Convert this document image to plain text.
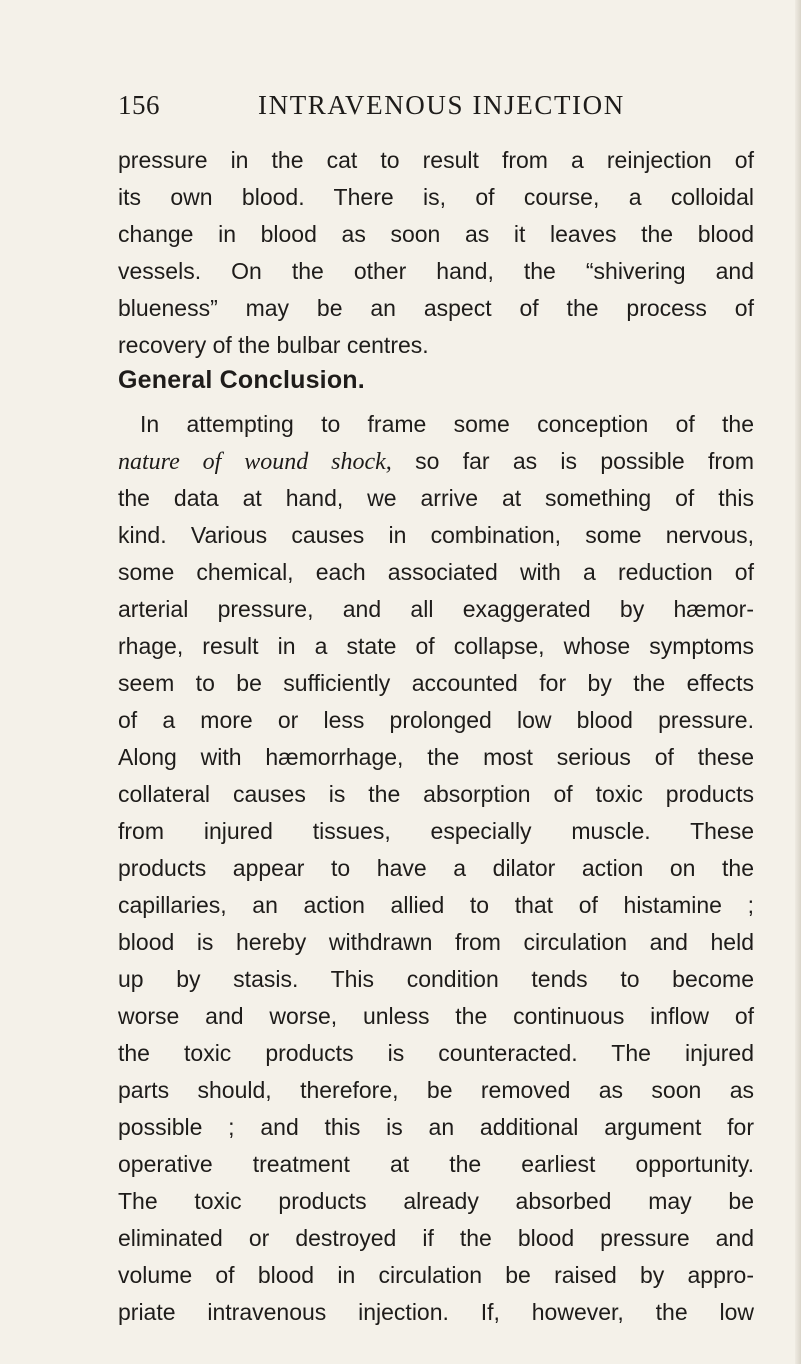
156	INTRAVENOUS INJECTION
pressure in the cat to result from a reinjection of
its own blood. There is, of course, a colloidal
change in blood as soon as it leaves the blood
vessels. On the other hand, the “shivering and
blueness” may be an aspect of the process of
recovery of the bulbar centres.
General Conclusion.
In attempting to frame some conception of the
nature of wound shock, so far as is possible from
the data at hand, we arrive at something of this
kind. Various causes in combination, some nervous,
some chemical, each associated with a reduction of
arterial pressure, and all exaggerated by hæmor-
rhage, result in a state of collapse, whose symptoms
seem to be sufficiently accounted for by the effects
of a more or less prolonged low blood pressure.
Along with hæmorrhage, the most serious of these
collateral causes is the absorption of toxic products
from injured tissues, especially muscle. These
products appear to have a dilator action on the
capillaries, an action allied to that of histamine ;
blood is hereby withdrawn from circulation and held
up by stasis. This condition tends to become
worse and worse, unless the continuous inflow of
the toxic products is counteracted. The injured
parts should, therefore, be removed as soon as
possible ; and this is an additional argument for
operative treatment at the earliest opportunity.
The toxic products already absorbed may be
eliminated or destroyed if the blood pressure and
volume of blood in circulation be raised by appro-
priate intravenous injection. If, however, the low
